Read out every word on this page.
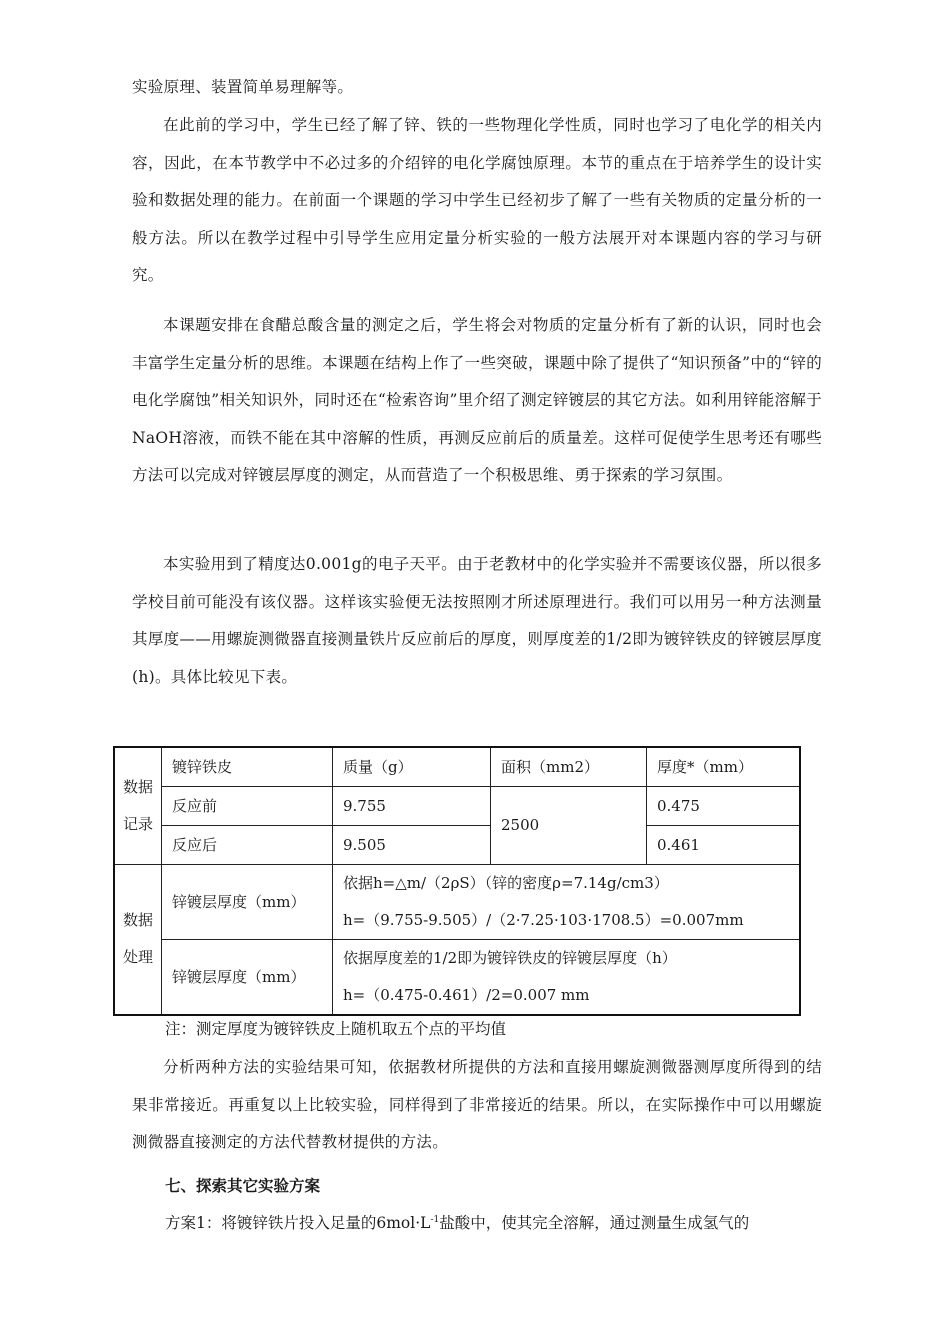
实验原理、装置简单易理解等。

在此前的学习中，学生已经了解了锌、铁的一些物理化学性质，同时也学习了电化学的相关内容，因此，在本节教学中不必过多的介绍锌的电化学腐蚀原理。本节的重点在于培养学生的设计实验和数据处理的能力。在前面一个课题的学习中学生已经初步了解了一些有关物质的定量分析的一般方法。所以在教学过程中引导学生应用定量分析实验的一般方法展开对本课题内容的学习与研究。

本课题安排在食醋总酸含量的测定之后，学生将会对物质的定量分析有了新的认识，同时也会丰富学生定量分析的思维。本课题在结构上作了一些突破，课题中除了提供了“知识预备”中的“锌的电化学腐蚀”相关知识外，同时还在“检索咨询”里介绍了测定锌镀层的其它方法。如利用锌能溶解于NaOH溶液，而铁不能在其中溶解的性质，再测反应前后的质量差。这样可促使学生思考还有哪些方法可以完成对锌镀层厚度的测定，从而营造了一个积极思维、勇于探索的学习氛围。

本实验用到了精度达0.001g的电子天平。由于老教材中的化学实验并不需要该仪器，所以很多学校目前可能没有该仪器。这样该实验便无法按照刚才所述原理进行。我们可以用另一种方法测量其厚度——用螺旋测微器直接测量铁片反应前后的厚度，则厚度差的1/2即为镀锌铁皮的锌镀层厚度 (h)。具体比较见下表。

数据
记录	镀锌铁皮	质量（g）	面积（mm2）	厚度*（mm）
	反应前	9.755	2500	0.475
	反应后	9.505		0.461

数据
处理	锌镀层厚度（mm）	依据h=△m/（2ρS）（锌的密度ρ=7.14g/cm3）
h=（9.755-9.505）/（2·7.25·103·1708.5）=0.007mm		

	锌镀层厚度（mm）	依据厚度差的1/2即为镀锌铁皮的锌镀层厚度（h）
h=（0.475-0.461）/2=0.007 mm		

注：测定厚度为镀锌铁皮上随机取五个点的平均值

分析两种方法的实验结果可知，依据教材所提供的方法和直接用螺旋测微器测厚度所得到的结果非常接近。再重复以上比较实验，同样得到了非常接近的结果。所以，在实际操作中可以用螺旋测微器直接测定的方法代替教材提供的方法。

七、探索其它实验方案

方案1：将镀锌铁片投入足量的$6mol\cdot L^{-1}$盐酸中，使其完全溶解，通过测量生成氢气的
